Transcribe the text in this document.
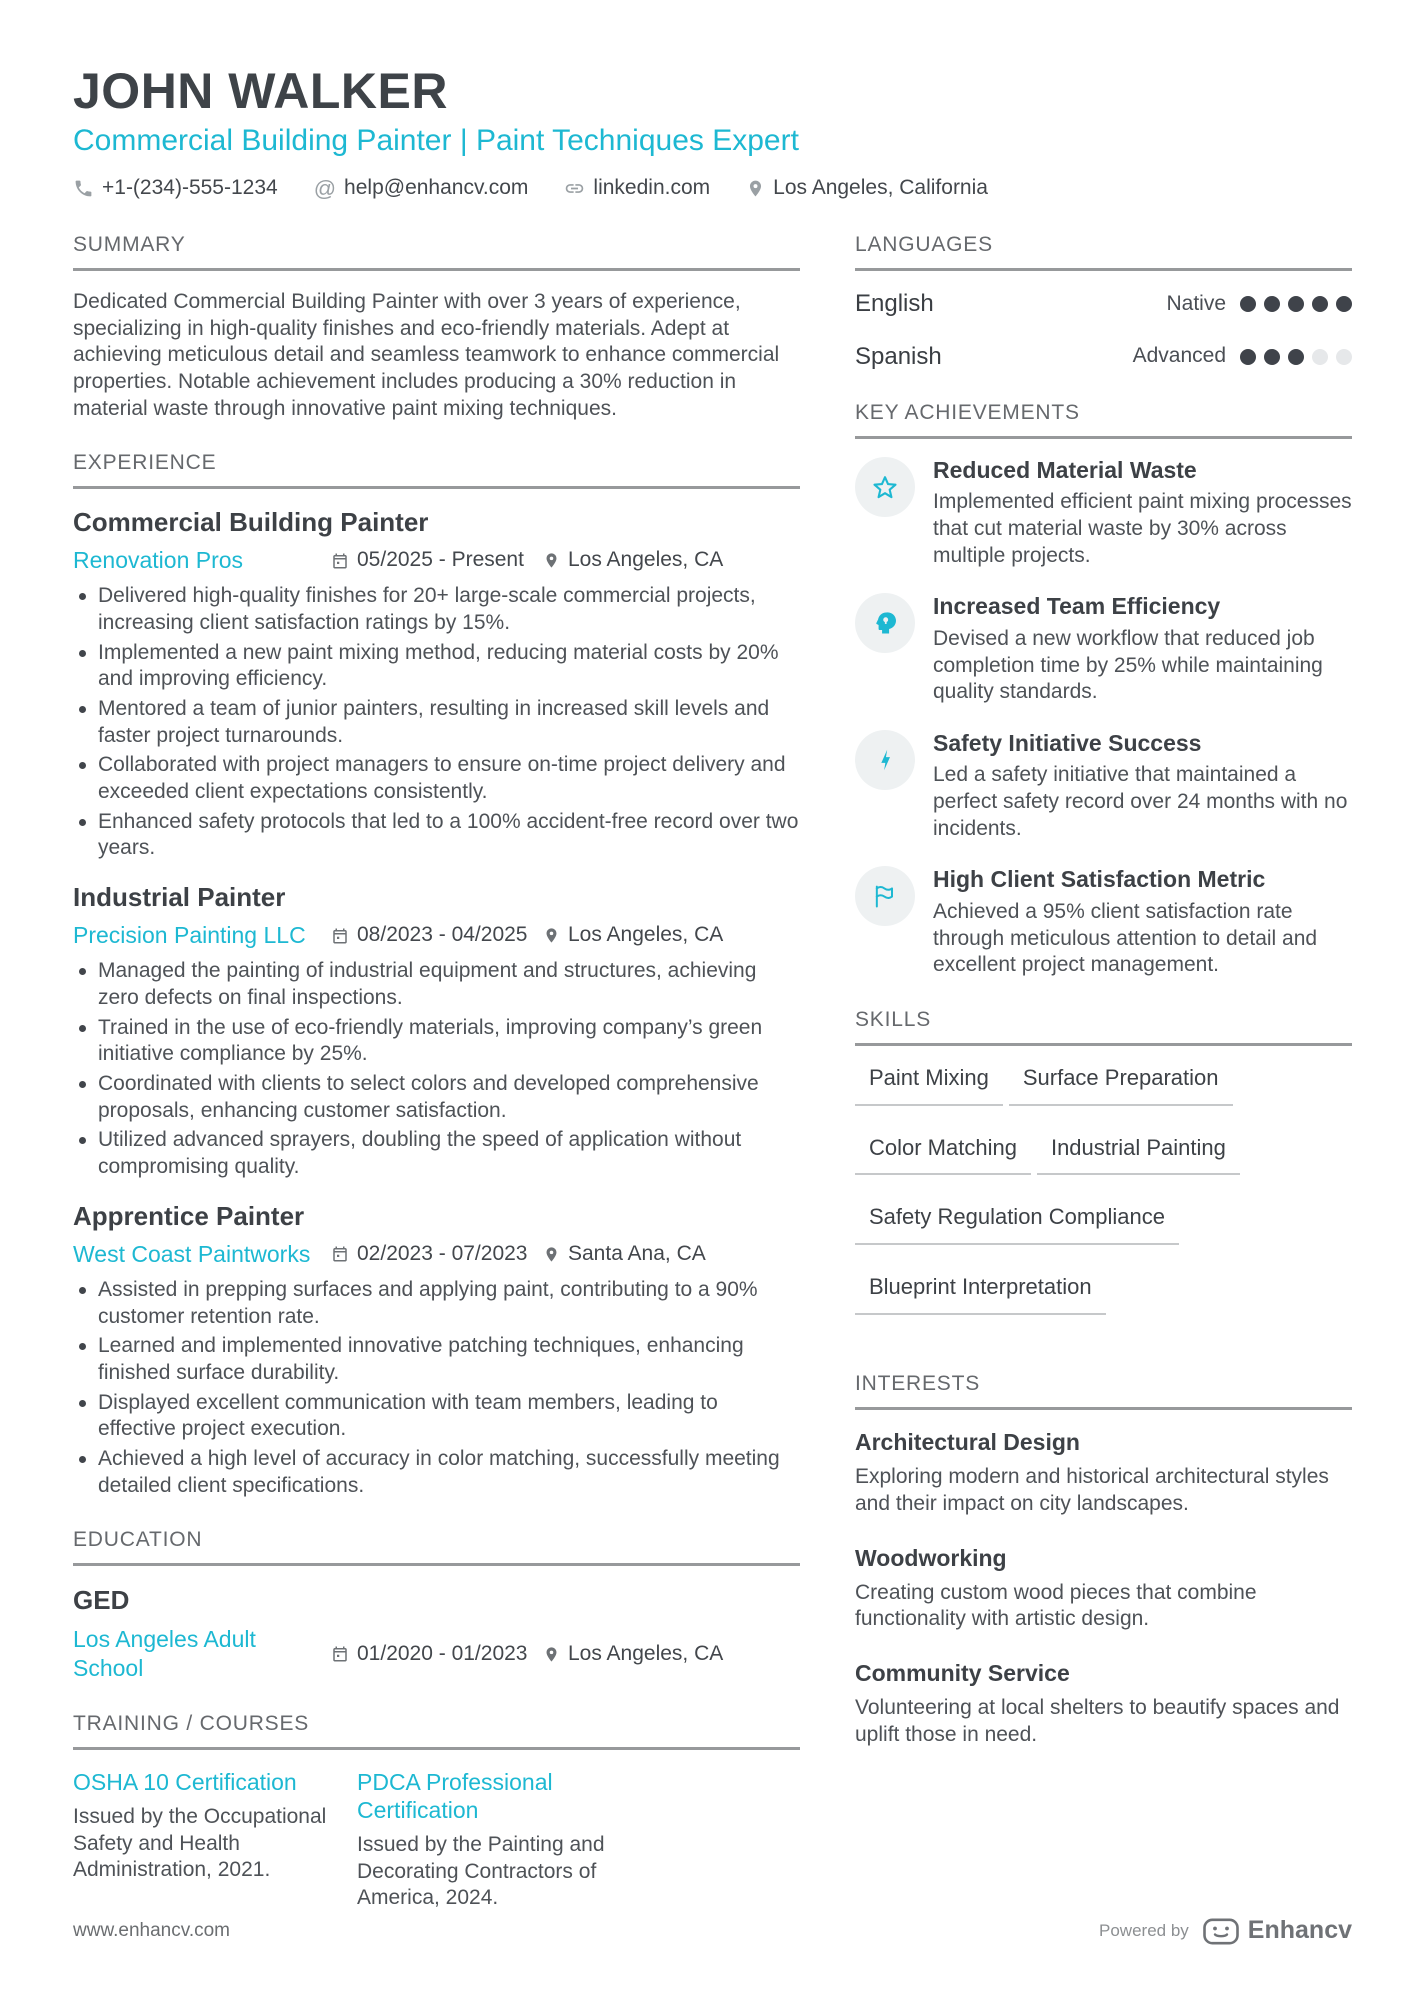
JOHN WALKER
Commercial Building Painter | Paint Techniques Expert
+1-(234)-555-1234 @ help@enhancv.com	linkedin.com	Los Angeles, California
SUMMARY
Dedicated Commercial Building Painter with over 3 years of experience, specializing in high-quality finishes and eco-friendly materials. Adept at achieving meticulous detail and seamless teamwork to enhance commercial properties. Notable achievement includes producing a 30% reduction in material waste through innovative paint mixing techniques.
EXPERIENCE
Commercial Building Painter
Renovation Pros	05/2025 - Present Los Angeles, CA
Delivered high-quality finishes for 20+ large-scale commercial projects, increasing client satisfaction ratings by 15%.
Implemented a new paint mixing method, reducing material costs by 20% and improving efficiency.
Mentored a team of junior painters, resulting in increased skill levels and faster project turnarounds.
Collaborated with project managers to ensure on-time project delivery and exceeded client expectations consistently.
Enhanced safety protocols that led to a 100% accident-free record over two years.
Industrial Painter
Precision Painting LLC	08/2023 - 04/2025 Los Angeles, CA
Managed the painting of industrial equipment and structures, achieving zero defects on final inspections.
Trained in the use of eco-friendly materials, improving company’s green initiative compliance by 25%.
Coordinated with clients to select colors and developed comprehensive proposals, enhancing customer satisfaction.
Utilized advanced sprayers, doubling the speed of application without compromising quality.
Apprentice Painter
West Coast Paintworks	02/2023 - 07/2023 Santa Ana, CA
Assisted in prepping surfaces and applying paint, contributing to a 90% customer retention rate.
Learned and implemented innovative patching techniques, enhancing finished surface durability.
Displayed excellent communication with team members, leading to effective project execution.
Achieved a high level of accuracy in color matching, successfully meeting detailed client specifications.
EDUCATION
GED
Los Angeles Adult School
01/2020 - 01/2023 Los Angeles, CA
TRAINING / COURSES
OSHA 10 Certification
Issued by the Occupational Safety and Health Administration, 2021.
PDCA Professional Certification
Issued by the Painting and Decorating Contractors of America, 2024.
LANGUAGES
English	Native
Spanish	Advanced
KEY ACHIEVEMENTS
Reduced Material Waste
Implemented efficient paint mixing processes that cut material waste by 30% across multiple projects.
Increased Team Efficiency
Devised a new workflow that reduced job completion time by 25% while maintaining quality standards.
Safety Initiative Success
Led a safety initiative that maintained a perfect safety record over 24 months with no incidents.
High Client Satisfaction Metric
Achieved a 95% client satisfaction rate through meticulous attention to detail and excellent project management.
SKILLS
Paint Mixing	Surface Preparation
Color Matching	Industrial Painting
Safety Regulation Compliance
Blueprint Interpretation
INTERESTS
Architectural Design
Exploring modern and historical architectural styles and their impact on city landscapes.
Woodworking
Creating custom wood pieces that combine functionality with artistic design.
Community Service
Volunteering at local shelters to beautify spaces and uplift those in need.
www.enhancv.com	Powered by Enhancv
